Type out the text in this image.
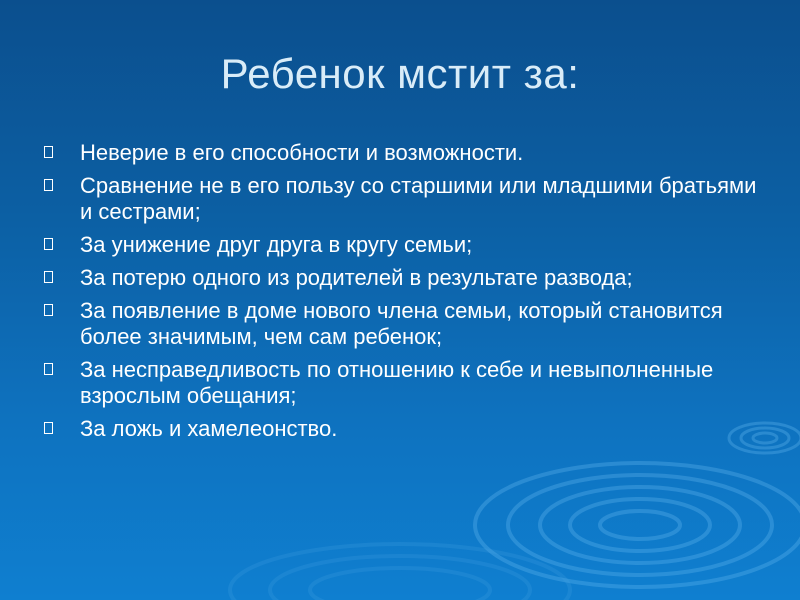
Ребенок мстит за:
Неверие в его способности и возможности.
Сравнение не в его пользу со старшими или младшими братьями и сестрами;
За унижение друг друга в кругу семьи;
За потерю одного из родителей в результате развода;
За появление в доме нового члена семьи, который становится более значимым, чем сам ребенок;
За несправедливость по отношению к себе и невыполненные взрослым обещания;
За ложь и хамелеонство.
